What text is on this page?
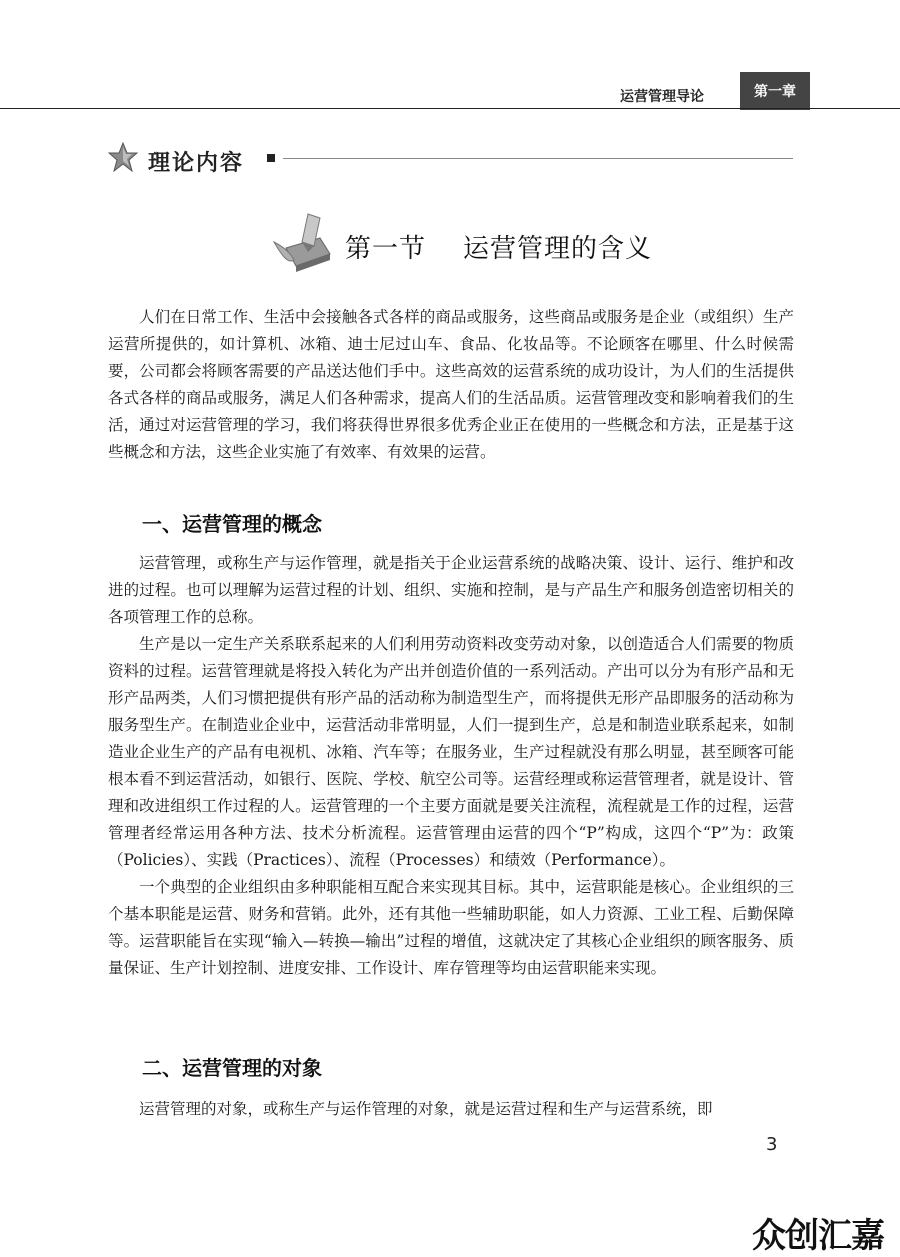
运营管理导论	第一章
理论内容
第一节    运营管理的含义

人们在日常工作、生活中会接触各式各样的商品或服务，这些商品或服务是企业（或组织）生产运营所提供的，如计算机、冰箱、迪士尼过山车、食品、化妆品等。不论顾客在哪里、什么时候需要，公司都会将顾客需要的产品送达他们手中。这些高效的运营系统的成功设计，为人们的生活提供各式各样的商品或服务，满足人们各种需求，提高人们的生活品质。运营管理改变和影响着我们的生活，通过对运营管理的学习，我们将获得世界很多优秀企业正在使用的一些概念和方法，正是基于这些概念和方法，这些企业实施了有效率、有效果的运营。

一、运营管理的概念

运营管理，或称生产与运作管理，就是指关于企业运营系统的战略决策、设计、运行、维护和改进的过程。也可以理解为运营过程的计划、组织、实施和控制，是与产品生产和服务创造密切相关的各项管理工作的总称。

生产是以一定生产关系联系起来的人们利用劳动资料改变劳动对象，以创造适合人们需要的物质资料的过程。运营管理就是将投入转化为产出并创造价值的一系列活动。产出可以分为有形产品和无形产品两类，人们习惯把提供有形产品的活动称为制造型生产，而将提供无形产品即服务的活动称为服务型生产。在制造业企业中，运营活动非常明显，人们一提到生产，总是和制造业联系起来，如制造业企业生产的产品有电视机、冰箱、汽车等；在服务业，生产过程就没有那么明显，甚至顾客可能根本看不到运营活动，如银行、医院、学校、航空公司等。运营经理或称运营管理者，就是设计、管理和改进组织工作过程的人。运营管理的一个主要方面就是要关注流程，流程就是工作的过程，运营管理者经常运用各种方法、技术分析流程。运营管理由运营的四个“P”构成，这四个“P”为：政策（Policies）、实践（Practices）、流程（Processes）和绩效（Performance）。

一个典型的企业组织由多种职能相互配合来实现其目标。其中，运营职能是核心。企业组织的三个基本职能是运营、财务和营销。此外，还有其他一些辅助职能，如人力资源、工业工程、后勤保障等。运营职能旨在实现“输入—转换—输出”过程的增值，这就决定了其核心企业组织的顾客服务、质量保证、生产计划控制、进度安排、工作设计、库存管理等均由运营职能来实现。

二、运营管理的对象

运营管理的对象，或称生产与运作管理的对象，就是运营过程和生产与运营系统，即

3
众创汇嘉
